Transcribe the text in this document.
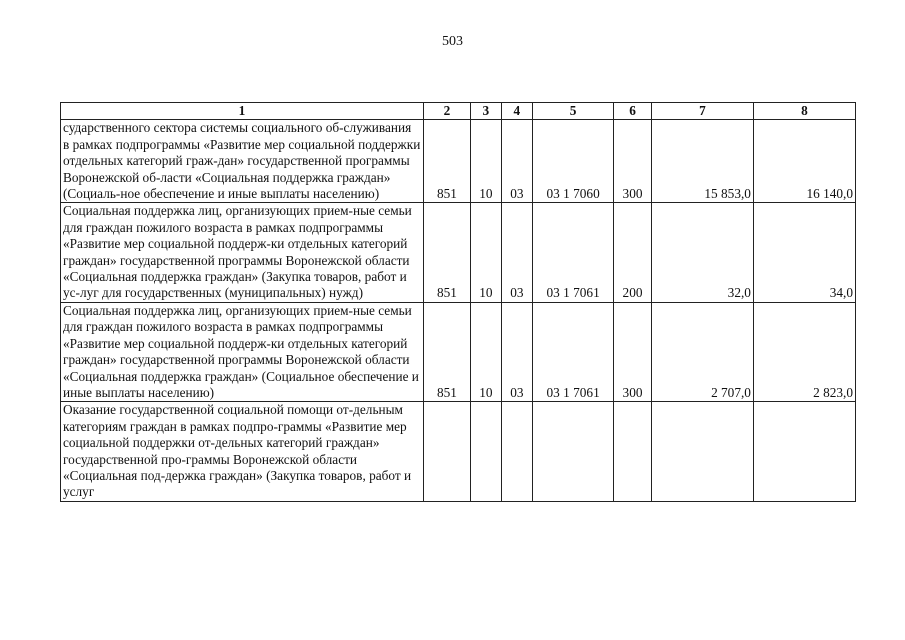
503
1	2	3	4	5	6	7	8
сударственного сектора системы социального об-служивания в рамках подпрограммы «Развитие мер социальной поддержки отдельных категорий граж-дан» государственной программы Воронежской об-ласти «Социальная поддержка граждан» (Социаль-ное обеспечение и иные выплаты населению)	851	10	03	03 1 7060	300	15 853,0	16 140,0
Социальная поддержка лиц, организующих прием-ные семьи для граждан пожилого возраста в рамках подпрограммы «Развитие мер социальной поддерж-ки отдельных категорий граждан» государственной программы Воронежской области «Социальная поддержка граждан» (Закупка товаров, работ и ус-луг для государственных (муниципальных) нужд)	851	10	03	03 1 7061	200	32,0	34,0
Социальная поддержка лиц, организующих прием-ные семьи для граждан пожилого возраста в рамках подпрограммы «Развитие мер социальной поддерж-ки отдельных категорий граждан» государственной программы Воронежской области «Социальная поддержка граждан» (Социальное обеспечение и иные выплаты населению)	851	10	03	03 1 7061	300	2 707,0	2 823,0
Оказание государственной социальной помощи от-дельным категориям граждан в рамках подпро-граммы «Развитие мер социальной поддержки от-дельных категорий граждан» государственной про-граммы Воронежской области «Социальная под-держка граждан» (Закупка товаров, работ и услуг							
